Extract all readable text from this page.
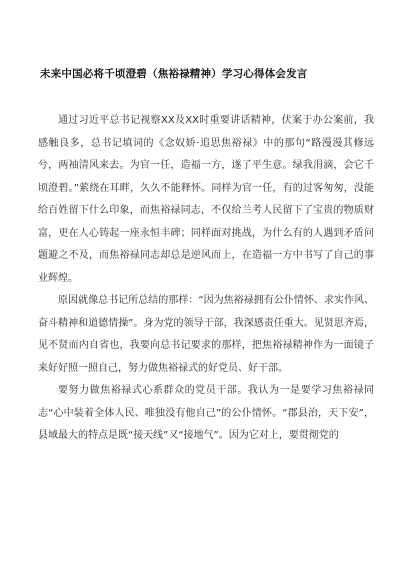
未来中国必将千顷澄碧（焦裕禄精神）学习心得体会发言

通过习近平总书记视察XX及XX时重要讲话精神，伏案于办公案前，我感触良多，总书记填词的《念奴娇·追思焦裕禄》中的那句“路漫漫其修远兮，两袖清风来去。为官一任，造福一方，遂了平生意。绿我涓滴，会它千顷澄碧。”萦绕在耳畔，久久不能释怀。同样为官一任，有的过客匆匆，没能给百姓留下什么印象，而焦裕禄同志，不仅给兰考人民留下了宝贵的物质财富，更在人心铸起一座永恒丰碑；同样面对挑战，为什么有的人遇到矛盾问题避之不及，而焦裕禄同志却总是逆风而上，在造福一方中书写了自己的事业辉煌。

原因就像总书记所总结的那样：“因为焦裕禄拥有公仆情怀、求实作风、奋斗精神和道德情操”。身为党的领导干部，我深感责任重大。见贤思齐焉，见不贤而内自省也，我要向总书记要求的那样，把焦裕禄精神作为一面镜子来好好照一照自己，努力做焦裕禄式的好党员、好干部。

要努力做焦裕禄式心系群众的党员干部。我认为一是要学习焦裕禄同志“心中装着全体人民、唯独没有他自己”的公仆情怀。“郡县治，天下安”，县域最大的特点是既“接天线”又“接地气”。因为它对上，要贯彻党的
